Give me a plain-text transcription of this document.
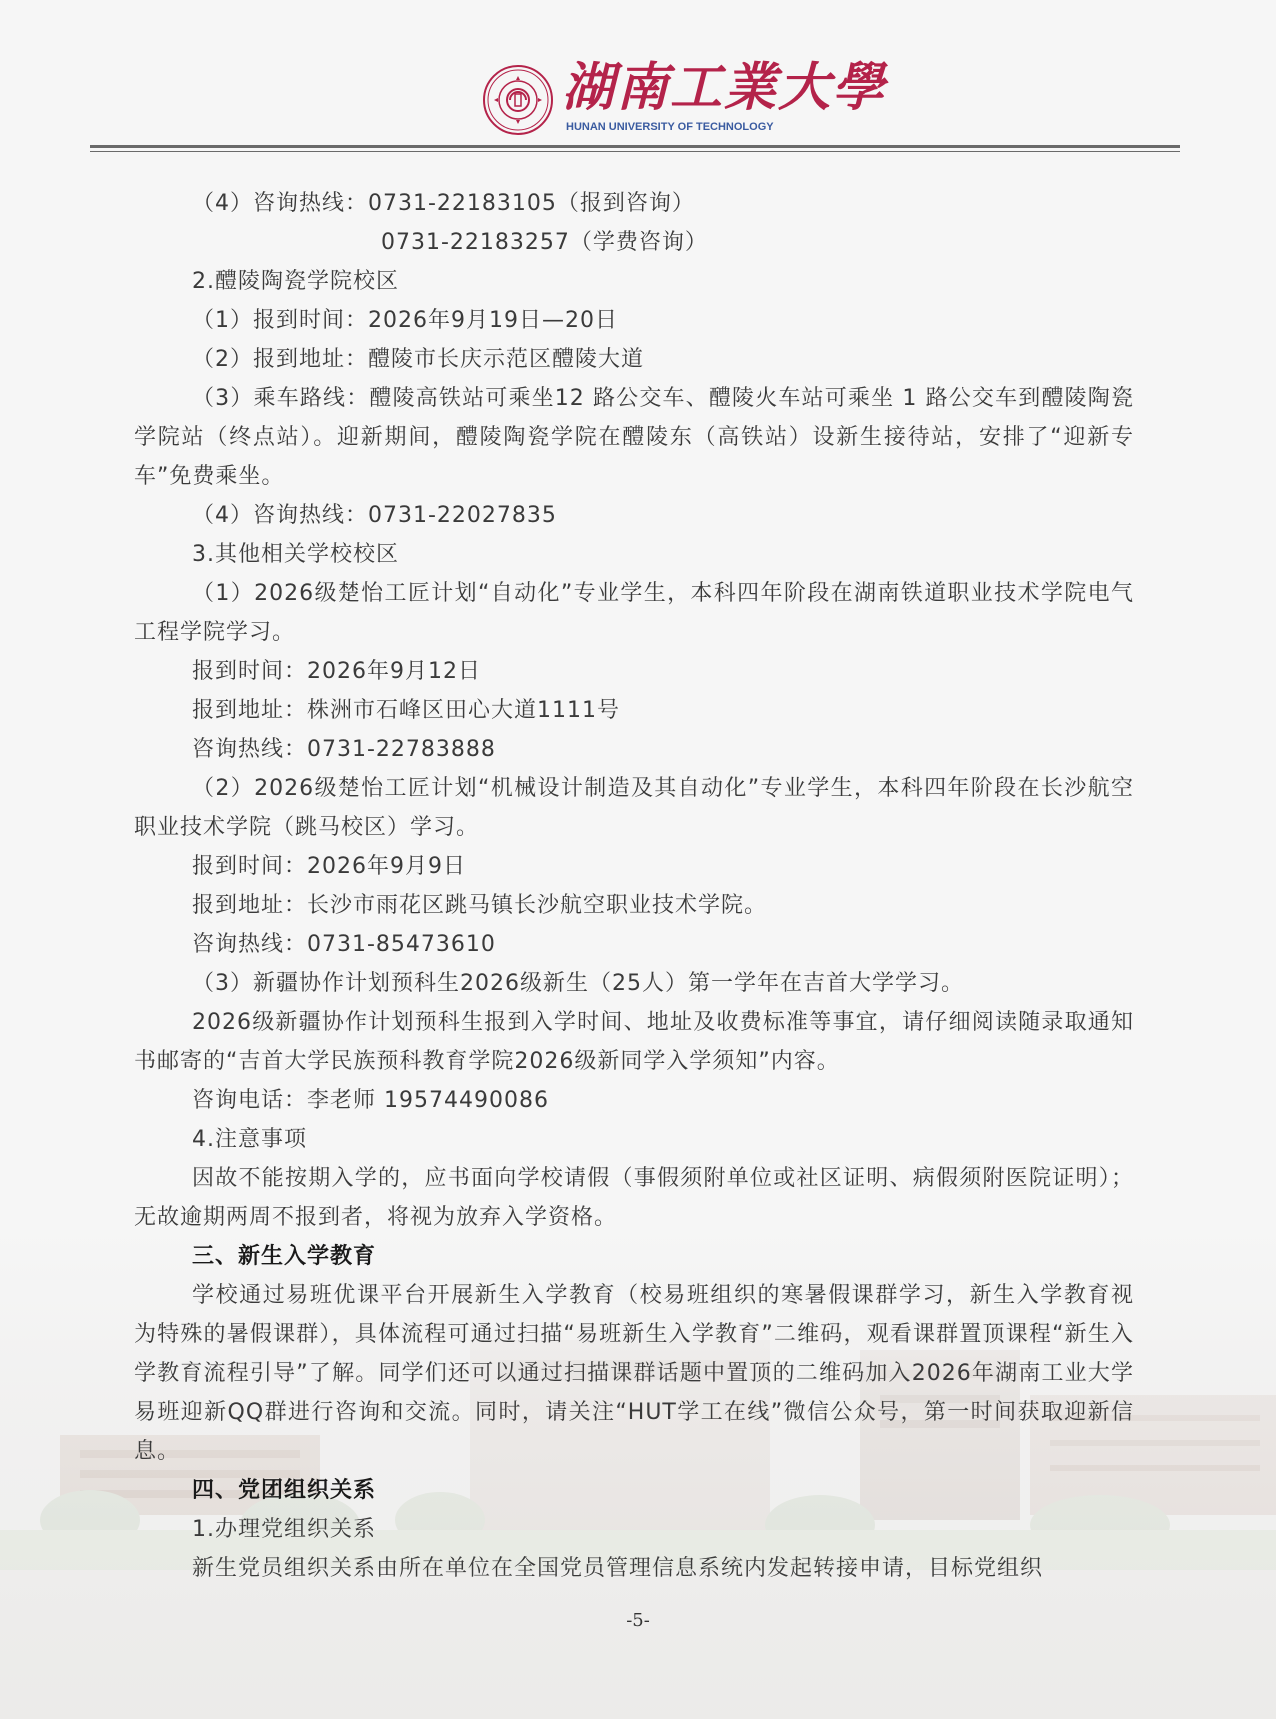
湖南工業大學
HUNAN UNIVERSITY OF TECHNOLOGY

（4）咨询热线：0731-22183105（报到咨询）

0731-22183257（学费咨询）

2.醴陵陶瓷学院校区

（1）报到时间：2026年9月19日—20日

（2）报到地址：醴陵市长庆示范区醴陵大道

（3）乘车路线：醴陵高铁站可乘坐12 路公交车、醴陵火车站可乘坐 1 路公交车到醴陵陶瓷学院站（终点站）。迎新期间，醴陵陶瓷学院在醴陵东（高铁站）设新生接待站，安排了“迎新专车”免费乘坐。

（4）咨询热线：0731-22027835

3.其他相关学校校区

（1）2026级楚怡工匠计划“自动化”专业学生，本科四年阶段在湖南铁道职业技术学院电气工程学院学习。

报到时间：2026年9月12日

报到地址：株洲市石峰区田心大道1111号

咨询热线：0731-22783888

（2）2026级楚怡工匠计划“机械设计制造及其自动化”专业学生，本科四年阶段在长沙航空职业技术学院（跳马校区）学习。

报到时间：2026年9月9日

报到地址：长沙市雨花区跳马镇长沙航空职业技术学院。

咨询热线：0731-85473610

（3）新疆协作计划预科生2026级新生（25人）第一学年在吉首大学学习。

2026级新疆协作计划预科生报到入学时间、地址及收费标准等事宜，请仔细阅读随录取通知书邮寄的“吉首大学民族预科教育学院2026级新同学入学须知”内容。

咨询电话：李老师 19574490086

4.注意事项

因故不能按期入学的，应书面向学校请假（事假须附单位或社区证明、病假须附医院证明）；无故逾期两周不报到者，将视为放弃入学资格。

三、新生入学教育

学校通过易班优课平台开展新生入学教育（校易班组织的寒暑假课群学习，新生入学教育视为特殊的暑假课群），具体流程可通过扫描“易班新生入学教育”二维码，观看课群置顶课程“新生入学教育流程引导”了解。同学们还可以通过扫描课群话题中置顶的二维码加入2026年湖南工业大学易班迎新QQ群进行咨询和交流。同时，请关注“HUT学工在线”微信公众号，第一时间获取迎新信息。

四、党团组织关系

1.办理党组织关系

新生党员组织关系由所在单位在全国党员管理信息系统内发起转接申请，目标党组织

-5-
